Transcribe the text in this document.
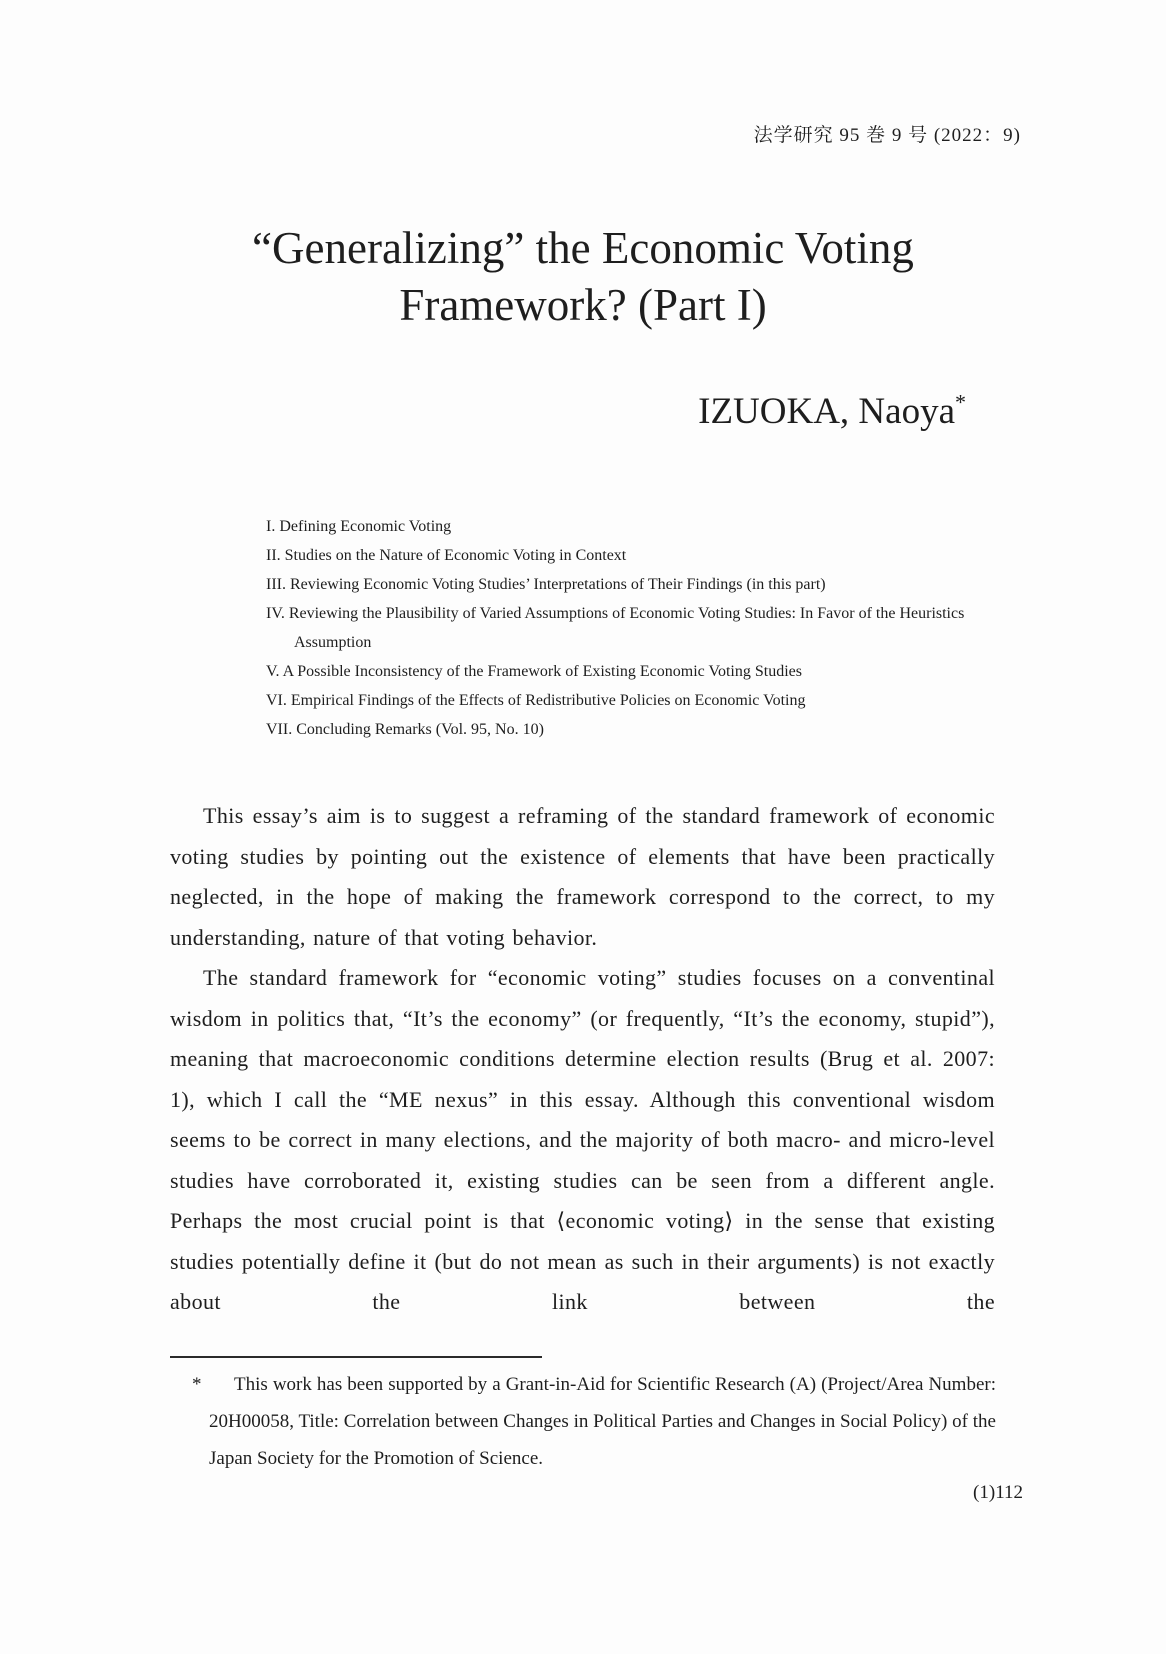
法学研究 95 巻 9 号 (2022：9)
“Generalizing” the Economic Voting
Framework? (Part I)
IZUOKA, Naoya*
I. Defining Economic Voting
II. Studies on the Nature of Economic Voting in Context
III. Reviewing Economic Voting Studies’ Interpretations of Their Findings (in this part)
IV. Reviewing the Plausibility of Varied Assumptions of Economic Voting Studies: In Favor of the Heuristics Assumption
V. A Possible Inconsistency of the Framework of Existing Economic Voting Studies
VI. Empirical Findings of the Effects of Redistributive Policies on Economic Voting
VII. Concluding Remarks (Vol. 95, No. 10)

This essay’s aim is to suggest a reframing of the standard framework of economic voting studies by pointing out the existence of elements that have been practically neglected, in the hope of making the framework correspond to the correct, to my understanding, nature of that voting behavior.

The standard framework for “economic voting” studies focuses on a conventinal wisdom in politics that, “It’s the economy” (or frequently, “It’s the economy, stupid”), meaning that macroeconomic conditions determine election results (Brug et al. 2007: 1), which I call the “ME nexus” in this essay. Although this conventional wisdom seems to be correct in many elections, and the majority of both macro- and micro-level studies have corroborated it, existing studies can be seen from a different angle. Perhaps the most crucial point is that ⟨economic voting⟩ in the sense that existing studies potentially define it (but do not mean as such in their arguments) is not exactly about the link between the

*	This work has been supported by a Grant-in-Aid for Scientific Research (A) (Project/Area Number: 20H00058, Title: Correlation between Changes in Political Parties and Changes in Social Policy) of the Japan Society for the Promotion of Science.

(1)112
